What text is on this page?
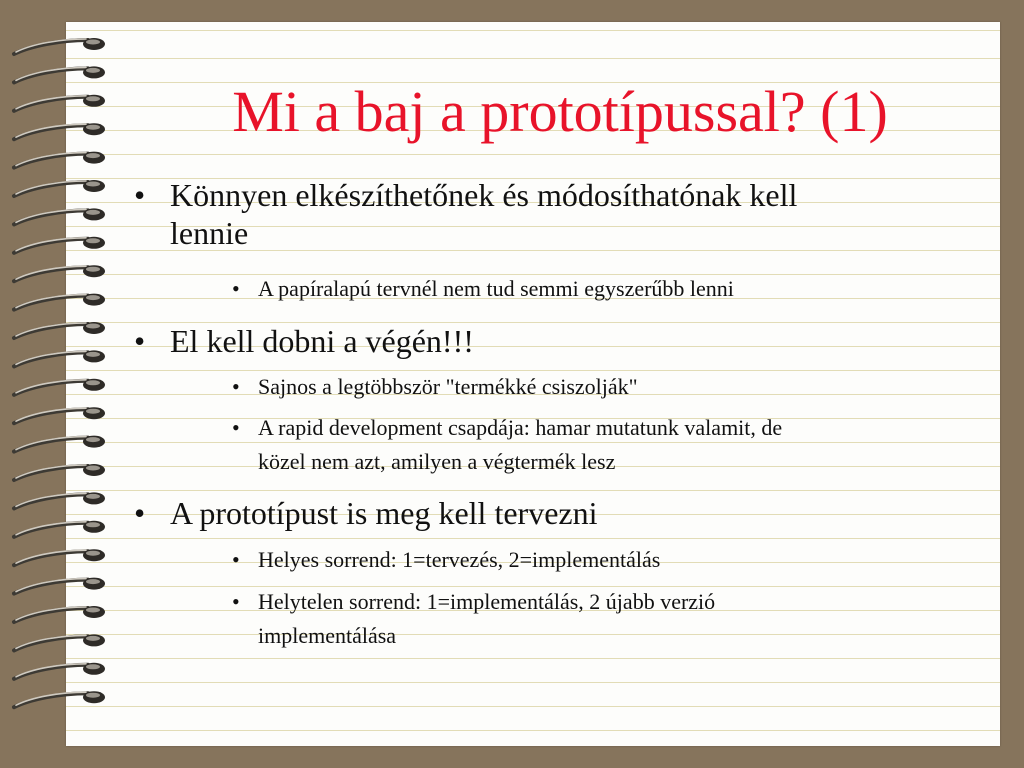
Mi a baj a prototípussal? (1)
• Könnyen elkészíthetőnek és módosíthatónak kell
lennie
• A papíralapú tervnél nem tud semmi egyszerűbb lenni
• El kell dobni a végén!!!
• Sajnos a legtöbbször "termékké csiszolják"
• A rapid development csapdája: hamar mutatunk valamit, de
közel nem azt, amilyen a végtermék lesz
• A prototípust is meg kell tervezni
• Helyes sorrend: 1=tervezés, 2=implementálás
• Helytelen sorrend: 1=implementálás, 2 újabb verzió
implementálása
